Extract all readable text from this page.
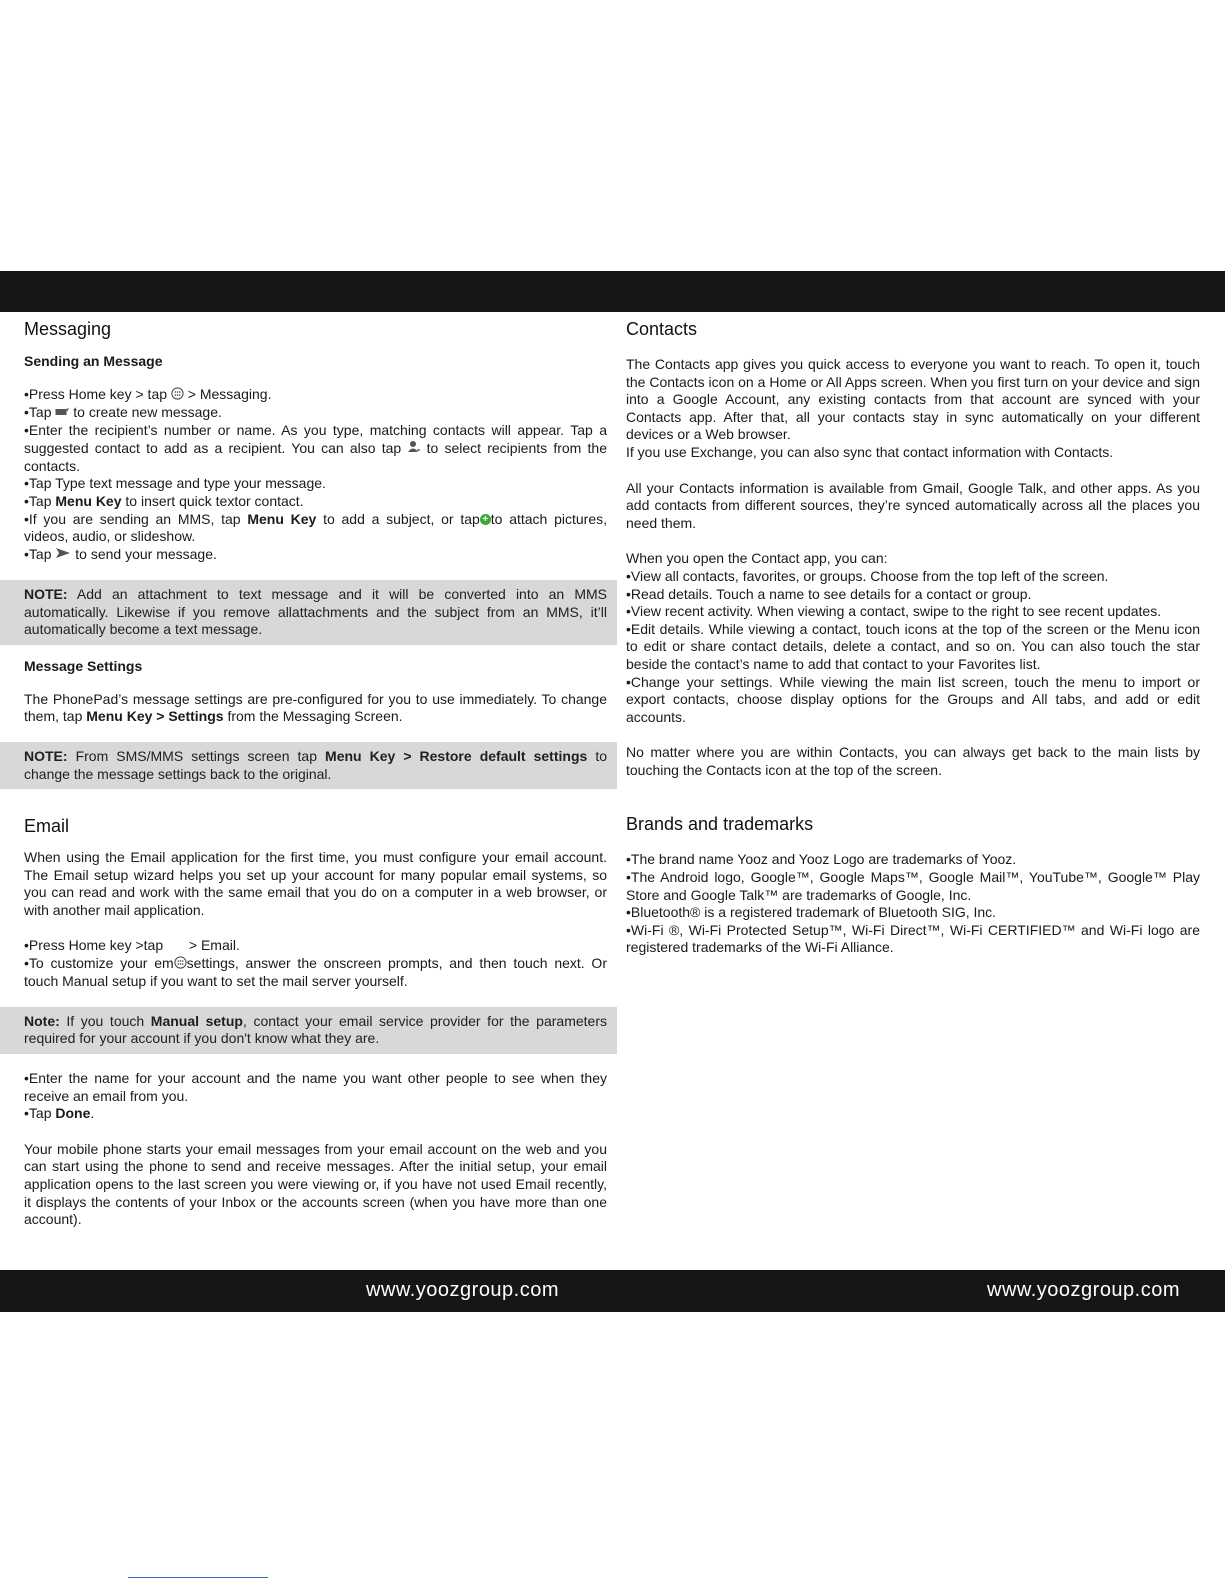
Messaging
Sending an Message

•Press Home key > tap  > Messaging.

•Tap  to create new message.

•Enter the recipient’s number or name. As you type, matching contacts will appear. Tap a suggested contact to add as a recipient. You can also tap  to select recipients from the contacts.

•Tap Type text message and type your message.

•Tap Menu Key to insert quick textor contact.

•If you are sending an MMS, tap Menu Key to add a subject, or tap + to attach pictures, videos, audio, or slideshow.

•Tap  to send your message.

NOTE: Add an attachment to text message and it will be converted into an MMS automatically. Likewise if you remove allattachments and the subject from an MMS, it’ll automatically become a text message.

Message Settings

The PhonePad’s message settings are pre-configured for you to use immediately. To change them, tap Menu Key > Settings from the Messaging Screen.

NOTE: From SMS/MMS settings screen tap Menu Key > Restore default settings to change the message settings back to the original.

Email

When using the Email application for the first time, you must configure your email account. The Email setup wizard helps you set up your account for many popular email systems, so you can read and work with the same email that you do on a computer in a web browser, or with another mail application.

•Press Home key >tap  > Email.

•To customize your em settings, answer the onscreen prompts, and then touch next. Or touch Manual setup if you want to set the mail server yourself.

Note: If you touch Manual setup, contact your email service provider for the parameters required for your account if you don't know what they are.

•Enter the name for your account and the name you want other people to see when they receive an email from you.

•Tap Done.

Your mobile phone starts your email messages from your email account on the web and you can start using the phone to send and receive messages. After the initial setup, your email application opens to the last screen you were viewing or, if you have not used Email recently, it displays the contents of your Inbox or the accounts screen (when you have more than one account).

Contacts

The Contacts app gives you quick access to everyone you want to reach. To open it, touch the Contacts icon on a Home or All Apps screen. When you first turn on your device and sign into a Google Account, any existing contacts from that account are synced with your Contacts app. After that, all your contacts stay in sync automatically on your different devices or a Web browser.

If you use Exchange, you can also sync that contact information with Contacts.

All your Contacts information is available from Gmail, Google Talk, and other apps. As you add contacts from different sources, they’re synced automatically across all the places you need them.

When you open the Contact app, you can:

•View all contacts, favorites, or groups. Choose from the top left of the screen.

•Read details. Touch a name to see details for a contact or group.

•View recent activity. When viewing a contact, swipe to the right to see recent updates.

•Edit details. While viewing a contact, touch icons at the top of the screen or the Menu icon to edit or share contact details, delete a contact, and so on. You can also touch the star beside the contact’s name to add that contact to your Favorites list.

•Change your settings. While viewing the main list screen, touch the menu to import or export contacts, choose display options for the Groups and All tabs, and add or edit accounts.

No matter where you are within Contacts, you can always get back to the main lists by touching the Contacts icon at the top of the screen.

Brands and trademarks

•The brand name Yooz and Yooz Logo are trademarks of Yooz.

•The Android logo, Google™, Google Maps™, Google Mail™, YouTube™, Google™ Play Store and Google Talk™ are trademarks of Google, Inc.

•Bluetooth® is a registered trademark of Bluetooth SIG, Inc.

•Wi-Fi ®, Wi-Fi Protected Setup™, Wi-Fi Direct™, Wi-Fi CERTIFIED™ and Wi-Fi logo are registered trademarks of the Wi-Fi Alliance.

www.yoozgroup.com	www.yoozgroup.com
